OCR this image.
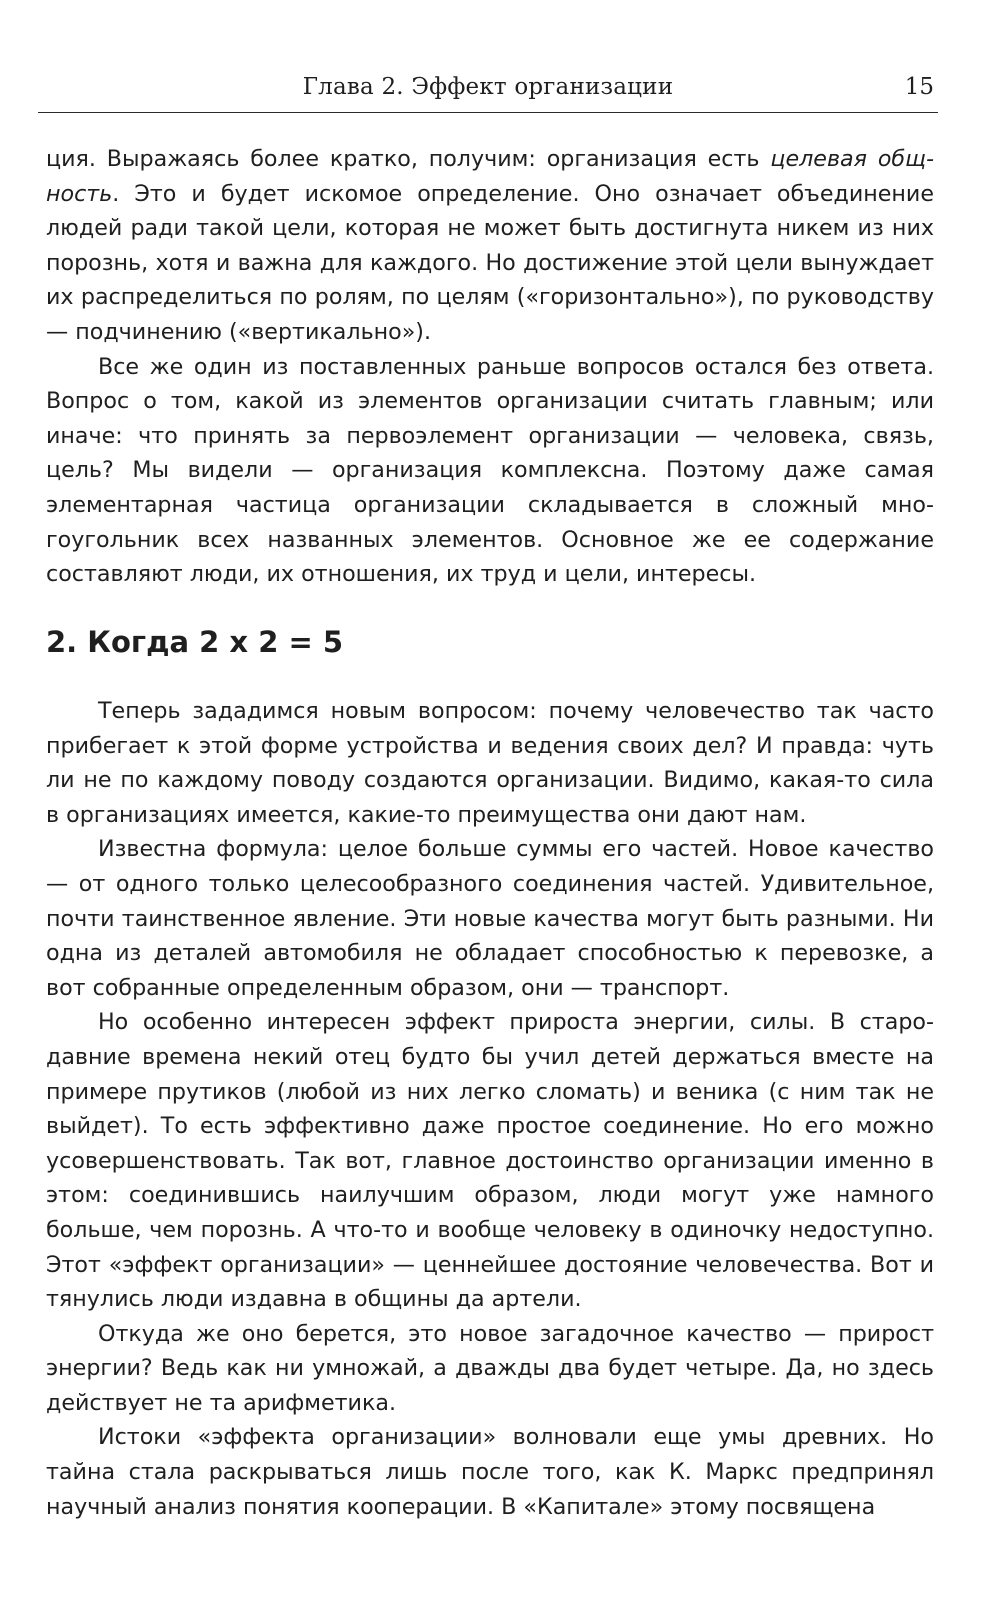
Глава 2. Эффект организации	15

ция. Выражаясь более кратко, получим: организация есть целевая общность. Это и будет искомое определение. Оно означает объединение людей ради такой цели, которая не может быть достигнута никем из них порознь, хотя и важна для каждого. Но достижение этой цели вынуждает их распределиться по ролям, по целям («горизонтально»), по руководству — подчинению («вертикально»).

Все же один из поставленных раньше вопросов остался без ответа. Вопрос о том, какой из элементов организации считать главным; или иначе: что принять за первоэлемент организации — человека, связь, цель? Мы видели — организация комплексна. Поэтому даже самая элементарная частица организации складывается в сложный многоугольник всех названных элементов. Основное же ее содержание составляют люди, их отношения, их труд и цели, интересы.

2. Когда 2 х 2 = 5

Теперь зададимся новым вопросом: почему человечество так часто прибегает к этой форме устройства и ведения своих дел? И правда: чуть ли не по каждому поводу создаются организации. Видимо, какая-то сила в организациях имеется, какие-то преимущества они дают нам.

Известна формула: целое больше суммы его частей. Новое качество — от одного только целесообразного соединения частей. Удивительное, почти таинственное явление. Эти новые качества могут быть разными. Ни одна из деталей автомобиля не обладает способностью к перевозке, а вот собранные определенным образом, они — транспорт.

Но особенно интересен эффект прироста энергии, силы. В стародавние времена некий отец будто бы учил детей держаться вместе на примере прутиков (любой из них легко сломать) и веника (с ним так не выйдет). То есть эффективно даже простое соединение. Но его можно усовершенствовать. Так вот, главное достоинство организации именно в этом: соединившись наилучшим образом, люди могут уже намного больше, чем порознь. А что-то и вообще человеку в одиночку недоступно. Этот «эффект организации» — ценнейшее достояние человечества. Вот и тянулись люди издавна в общины да артели.

Откуда же оно берется, это новое загадочное качество — прирост энергии? Ведь как ни умножай, а дважды два будет четыре. Да, но здесь действует не та арифметика.

Истоки «эффекта организации» волновали еще умы древних. Но тайна стала раскрываться лишь после того, как К. Маркс предпринял научный анализ понятия кооперации. В «Капитале» этому посвящена
